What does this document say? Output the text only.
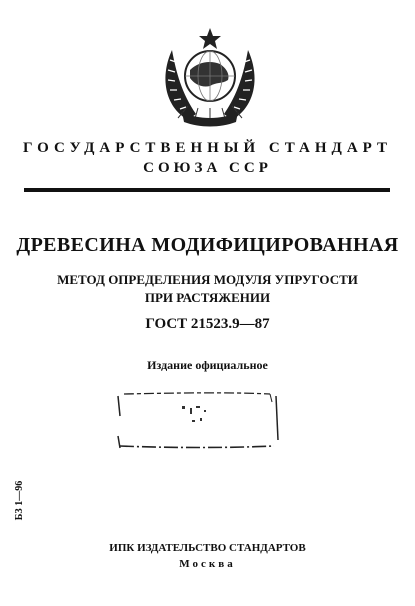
ГОСУДАРСТВЕННЫЙ СТАНДАРТ
СОЮЗА ССР
ДРЕВЕСИНА МОДИФИЦИРОВАННАЯ
МЕТОД ОПРЕДЕЛЕНИЯ МОДУЛЯ УПРУГОСТИ
ПРИ РАСТЯЖЕНИИ
ГОСТ 21523.9—87
Издание официальное
БЗ 1—96
ИПК ИЗДАТЕЛЬСТВО СТАНДАРТОВ
Москва
